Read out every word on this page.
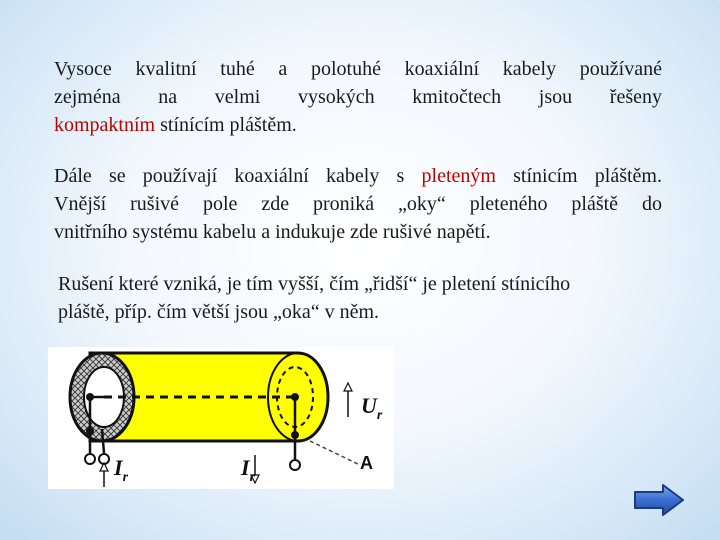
Vysoce kvalitní tuhé a polotuhé koaxiální kabely používané
zejména na velmi vysokých kmitočtech jsou řešeny
kompaktním stínícím pláštěm.
Dále se používají koaxiální kabely s pleteným stínicím pláštěm.
Vnější rušivé pole zde proniká „oky“ pleteného pláště do
vnitřního systému kabelu a indukuje zde rušivé napětí.
Rušení které vzniká, je tím vyšší, čím „řidší“ je pletení stínicího
pláště, příp. čím větší jsou „oka“ v něm.
$I_r$	$I_r$
$U_r$
A
